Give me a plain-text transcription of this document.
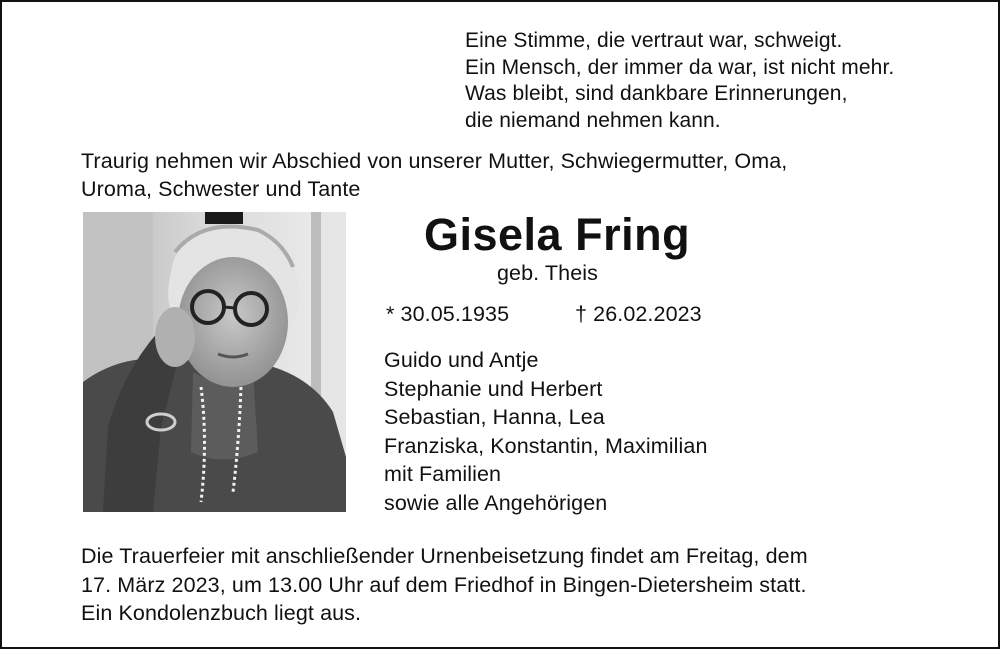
Eine Stimme, die vertraut war, schweigt.
Ein Mensch, der immer da war, ist nicht mehr.
Was bleibt, sind dankbare Erinnerungen,
die niemand nehmen kann.
Traurig nehmen wir Abschied von unserer Mutter, Schwiegermutter, Oma,
Uroma, Schwester und Tante
Gisela Fring
geb. Theis
* 30.05.1935	† 26.02.2023
Guido und Antje
Stephanie und Herbert
Sebastian, Hanna, Lea
Franziska, Konstantin, Maximilian
mit Familien
sowie alle Angehörigen
Die Trauerfeier mit anschließender Urnenbeisetzung findet am Freitag, dem
17. März 2023, um 13.00 Uhr auf dem Friedhof in Bingen-Dietersheim statt.
Ein Kondolenzbuch liegt aus.
